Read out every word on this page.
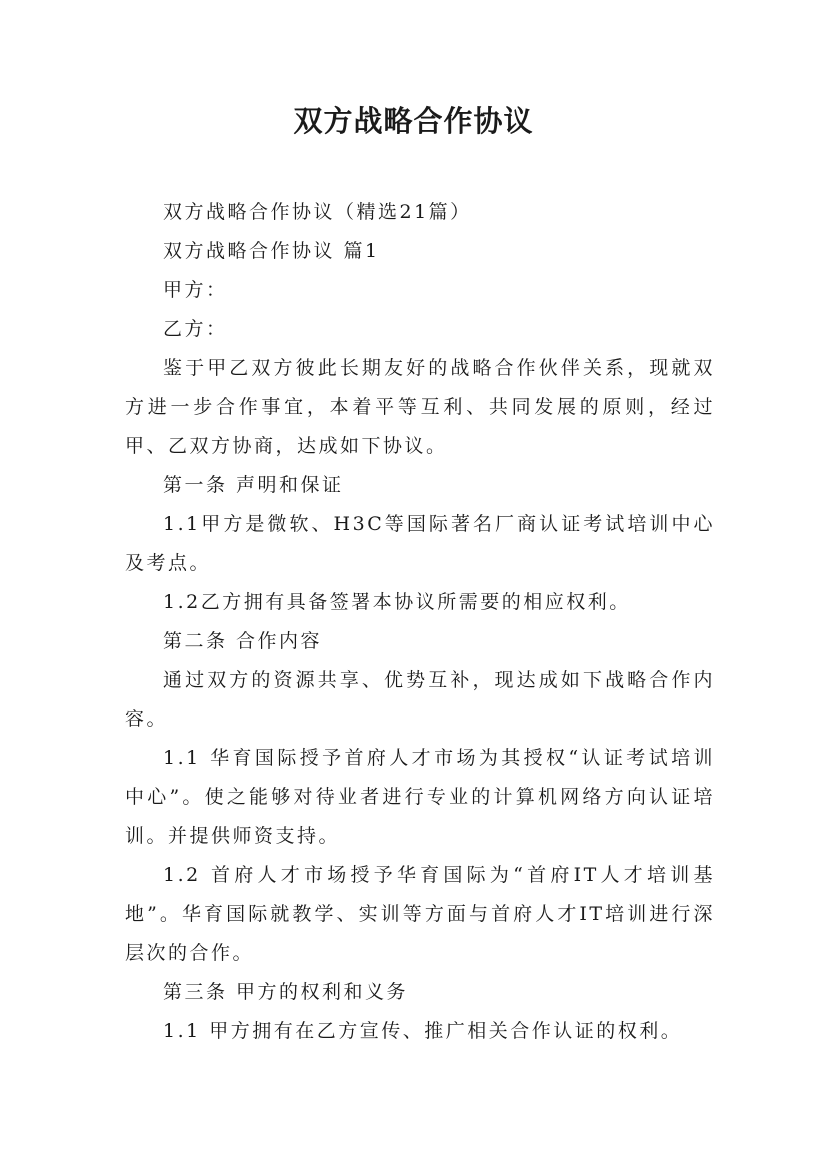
双方战略合作协议

双方战略合作协议（精选21篇）

双方战略合作协议 篇1

甲方：

乙方：

鉴于甲乙双方彼此长期友好的战略合作伙伴关系，现就双方进一步合作事宜，本着平等互利、共同发展的原则，经过甲、乙双方协商，达成如下协议。

第一条 声明和保证

1.1甲方是微软、H3C等国际著名厂商认证考试培训中心及考点。

1.2乙方拥有具备签署本协议所需要的相应权利。

第二条 合作内容

通过双方的资源共享、优势互补，现达成如下战略合作内容。

1.1 华育国际授予首府人才市场为其授权“认证考试培训中心”。使之能够对待业者进行专业的计算机网络方向认证培训。并提供师资支持。

1.2 首府人才市场授予华育国际为“首府IT人才培训基地”。华育国际就教学、实训等方面与首府人才IT培训进行深层次的合作。

第三条 甲方的权利和义务

1.1 甲方拥有在乙方宣传、推广相关合作认证的权利。
